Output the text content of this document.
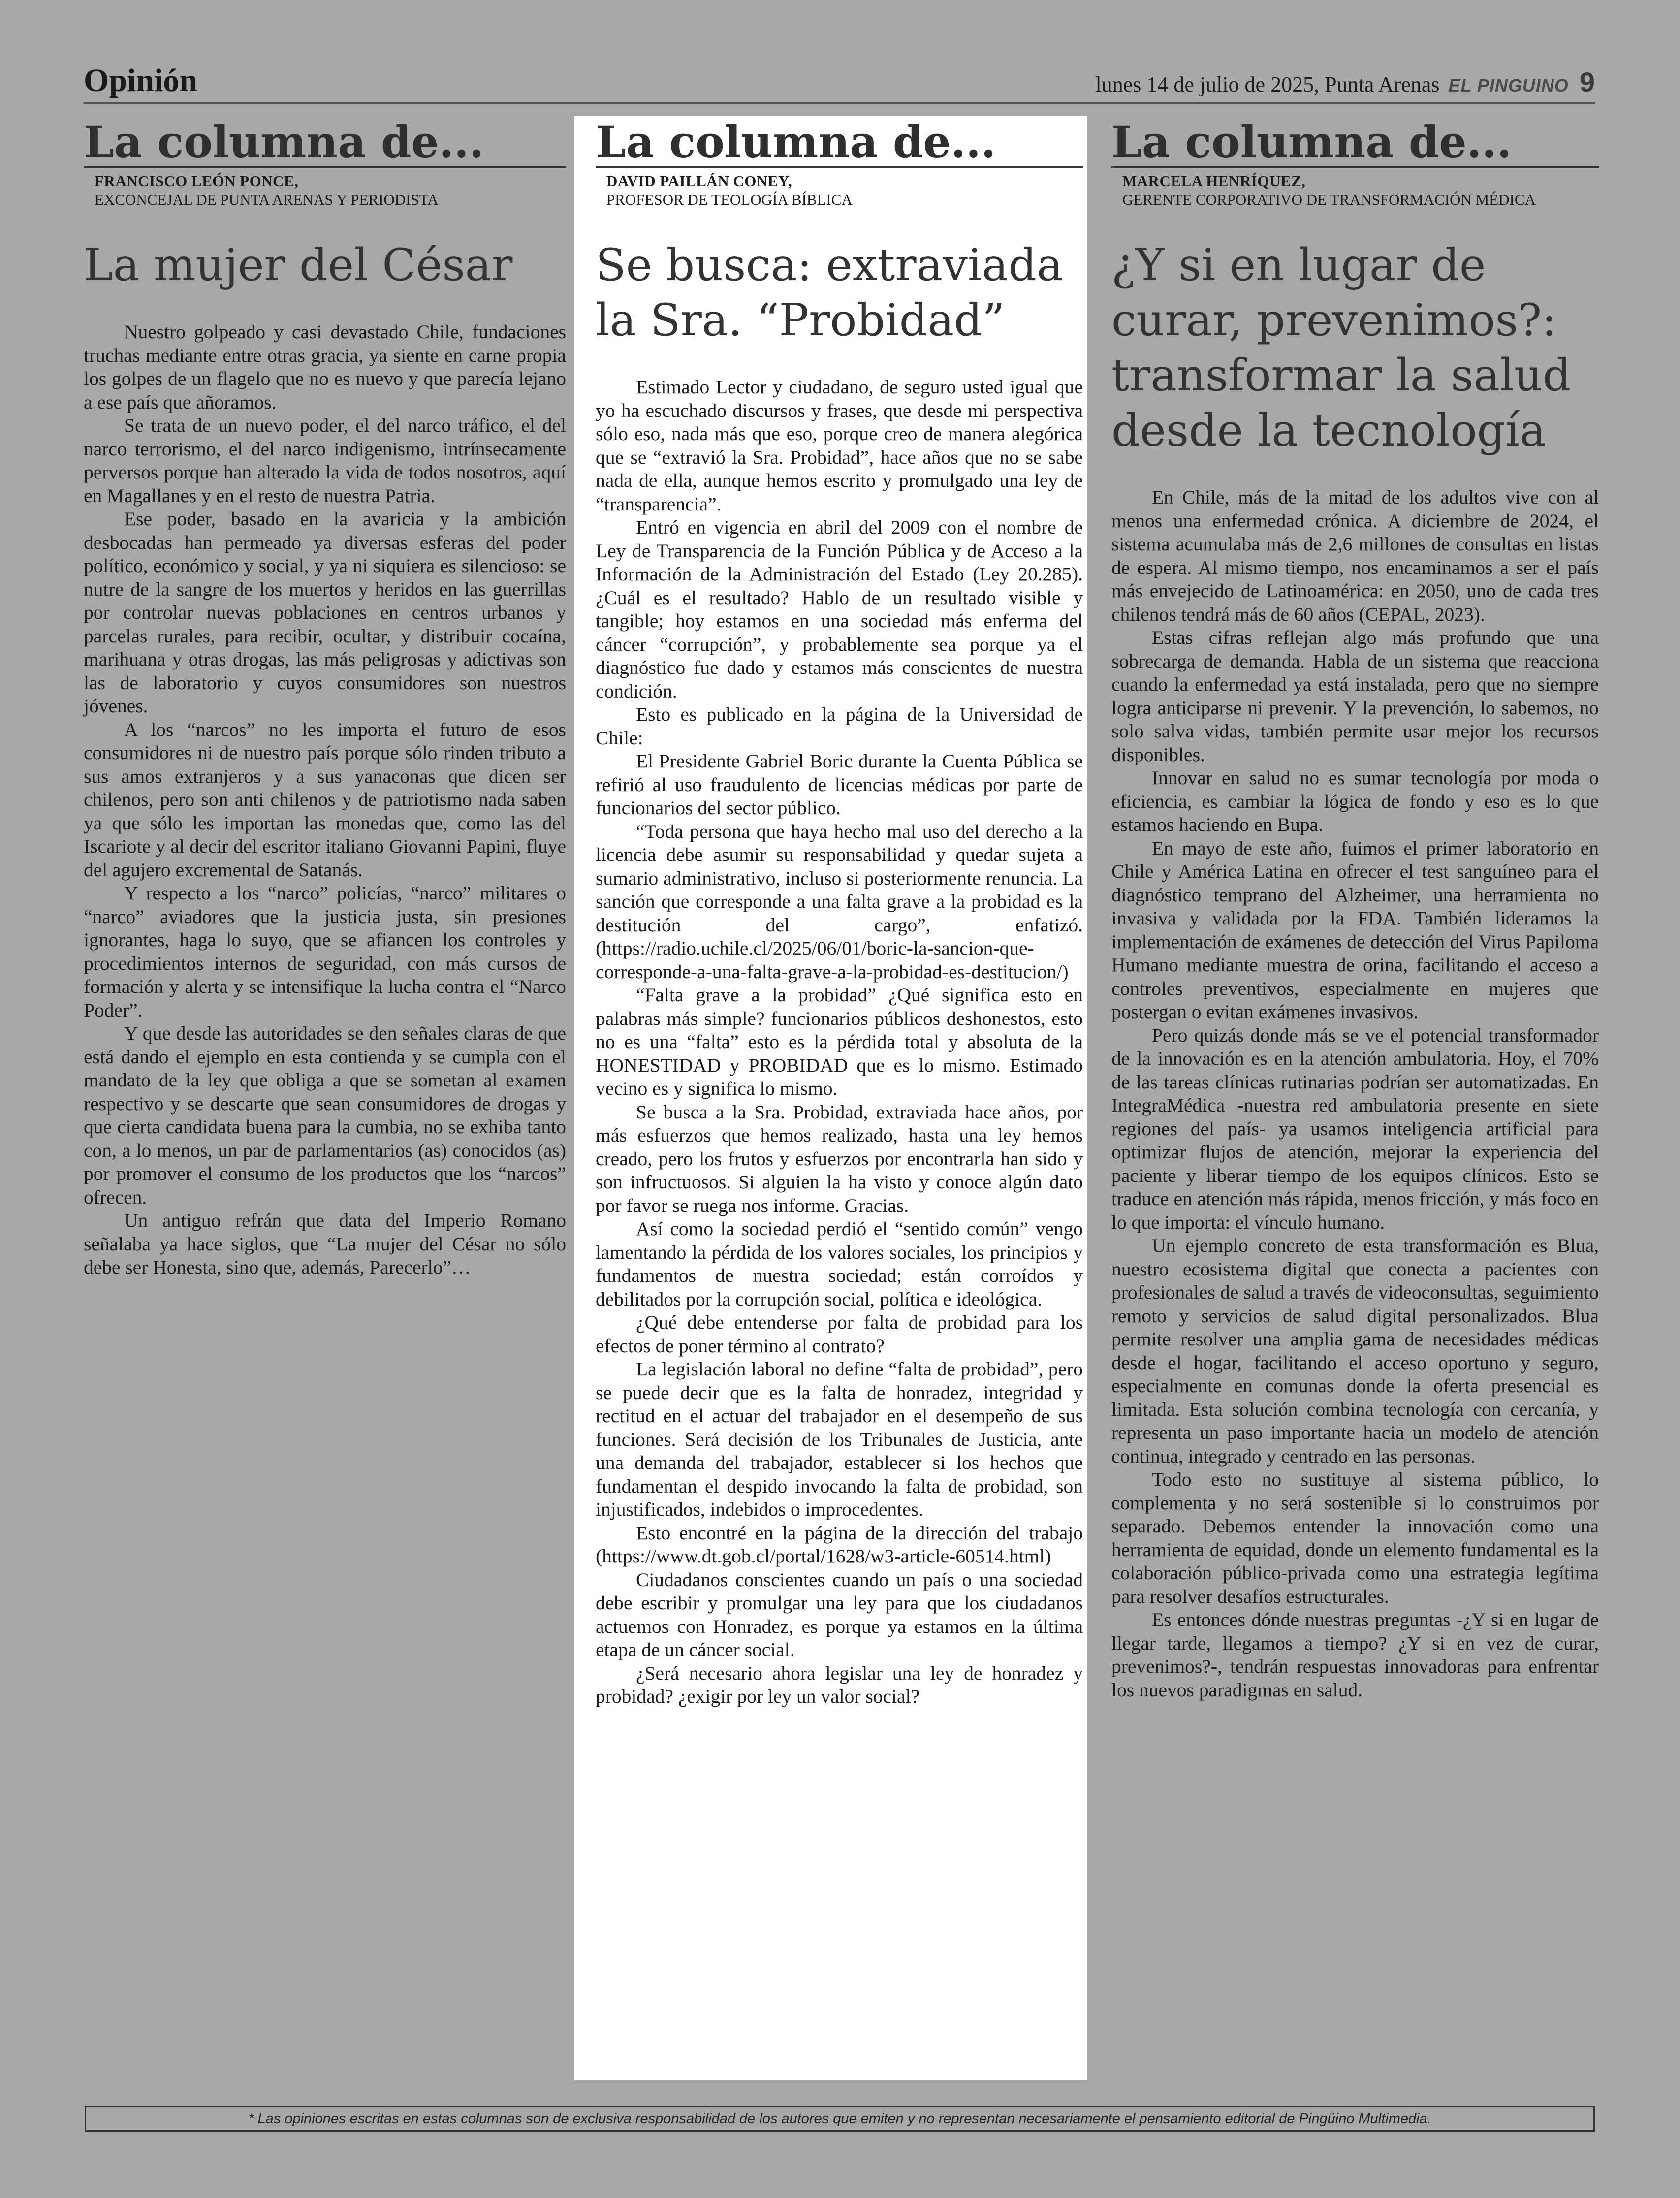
Opinión	lunes 14 de julio de 2025, Punta Arenas EL PINGUINO 9
La columna de...
FRANCISCO LEÓN PONCE,
EXCONCEJAL DE PUNTA ARENAS Y PERIODISTA
La mujer del César

Nuestro golpeado y casi devastado Chile, fundaciones truchas mediante entre otras gracia, ya siente en carne propia los golpes de un flagelo que no es nuevo y que parecía lejano a ese país que añoramos.

Se trata de un nuevo poder, el del narco tráfico, el del narco terrorismo, el del narco indigenismo, intrínsecamente perversos porque han alterado la vida de todos nosotros, aquí en Magallanes y en el resto de nuestra Patria.

Ese poder, basado en la avaricia y la ambición desbocadas han permeado ya diversas esferas del poder político, económico y social, y ya ni siquiera es silencioso: se nutre de la sangre de los muertos y heridos en las guerrillas por controlar nuevas poblaciones en centros urbanos y parcelas rurales, para recibir, ocultar, y distribuir cocaína, marihuana y otras drogas, las más peligrosas y adictivas son las de laboratorio y cuyos consumidores son nuestros jóvenes.

A los “narcos” no les importa el futuro de esos consumidores ni de nuestro país porque sólo rinden tributo a sus amos extranjeros y a sus yanaconas que dicen ser chilenos, pero son anti chilenos y de patriotismo nada saben ya que sólo les importan las monedas que, como las del Iscariote y al decir del escritor italiano Giovanni Papini, fluye del agujero excremental de Satanás.

Y respecto a los “narco” policías, “narco” militares o “narco” aviadores que la justicia justa, sin presiones ignorantes, haga lo suyo, que se afiancen los controles y procedimientos internos de seguridad, con más cursos de formación y alerta y se intensifique la lucha contra el “Narco Poder”.

Y que desde las autoridades se den señales claras de que está dando el ejemplo en esta contienda y se cumpla con el mandato de la ley que obliga a que se sometan al examen respectivo y se descarte que sean consumidores de drogas y que cierta candidata buena para la cumbia, no se exhiba tanto con, a lo menos, un par de parlamentarios (as) conocidos (as) por promover el consumo de los productos que los “narcos” ofrecen.

Un antiguo refrán que data del Imperio Romano señalaba ya hace siglos, que “La mujer del César no sólo debe ser Honesta, sino que, además, Parecerlo”…

La columna de...
DAVID PAILLÁN CONEY,
PROFESOR DE TEOLOGÍA BÍBLICA
Se busca: extraviada la Sra. “Probidad”

Estimado Lector y ciudadano, de seguro usted igual que yo ha escuchado discursos y frases, que desde mi perspectiva sólo eso, nada más que eso, porque creo de manera alegórica que se “extravió la Sra. Probidad”, hace años que no se sabe nada de ella, aunque hemos escrito y promulgado una ley de “transparencia”.

Entró en vigencia en abril del 2009 con el nombre de Ley de Transparencia de la Función Pública y de Acceso a la Información de la Administración del Estado (Ley 20.285). ¿Cuál es el resultado? Hablo de un resultado visible y tangible; hoy estamos en una sociedad más enferma del cáncer “corrupción”, y probablemente sea porque ya el diagnóstico fue dado y estamos más conscientes de nuestra condición.

Esto es publicado en la página de la Universidad de Chile:

El Presidente Gabriel Boric durante la Cuenta Pública se refirió al uso fraudulento de licencias médicas por parte de funcionarios del sector público.

“Toda persona que haya hecho mal uso del derecho a la licencia debe asumir su responsabilidad y quedar sujeta a sumario administrativo, incluso si posteriormente renuncia. La sanción que corresponde a una falta grave a la probidad es la destitución del cargo”, enfatizó. (https://radio.uchile.cl/2025/06/01/boric-la-sancion-que-corresponde-a-una-falta-grave-a-la-probidad-es-destitucion/)

“Falta grave a la probidad” ¿Qué significa esto en palabras más simple? funcionarios públicos deshonestos, esto no es una “falta” esto es la pérdida total y absoluta de la HONESTIDAD y PROBIDAD que es lo mismo. Estimado vecino es y significa lo mismo.

Se busca a la Sra. Probidad, extraviada hace años, por más esfuerzos que hemos realizado, hasta una ley hemos creado, pero los frutos y esfuerzos por encontrarla han sido y son infructuosos. Si alguien la ha visto y conoce algún dato por favor se ruega nos informe. Gracias.

Así como la sociedad perdió el “sentido común” vengo lamentando la pérdida de los valores sociales, los principios y fundamentos de nuestra sociedad; están corroídos y debilitados por la corrupción social, política e ideológica.

¿Qué debe entenderse por falta de probidad para los efectos de poner término al contrato?

La legislación laboral no define “falta de probidad”, pero se puede decir que es la falta de honradez, integridad y rectitud en el actuar del trabajador en el desempeño de sus funciones. Será decisión de los Tribunales de Justicia, ante una demanda del trabajador, establecer si los hechos que fundamentan el despido invocando la falta de probidad, son injustificados, indebidos o improcedentes.

Esto encontré en la página de la dirección del trabajo (https://www.dt.gob.cl/portal/1628/w3-article-60514.html)

Ciudadanos conscientes cuando un país o una sociedad debe escribir y promulgar una ley para que los ciudadanos actuemos con Honradez, es porque ya estamos en la última etapa de un cáncer social.

¿Será necesario ahora legislar una ley de honradez y probidad? ¿exigir por ley un valor social?

La columna de...
MARCELA HENRÍQUEZ,
GERENTE CORPORATIVO DE TRANSFORMACIÓN MÉDICA
¿Y si en lugar de curar, prevenimos?: transformar la salud desde la tecnología

En Chile, más de la mitad de los adultos vive con al menos una enfermedad crónica. A diciembre de 2024, el sistema acumulaba más de 2,6 millones de consultas en listas de espera. Al mismo tiempo, nos encaminamos a ser el país más envejecido de Latinoamérica: en 2050, uno de cada tres chilenos tendrá más de 60 años (CEPAL, 2023).

Estas cifras reflejan algo más profundo que una sobrecarga de demanda. Habla de un sistema que reacciona cuando la enfermedad ya está instalada, pero que no siempre logra anticiparse ni prevenir. Y la prevención, lo sabemos, no solo salva vidas, también permite usar mejor los recursos disponibles.

Innovar en salud no es sumar tecnología por moda o eficiencia, es cambiar la lógica de fondo y eso es lo que estamos haciendo en Bupa.

En mayo de este año, fuimos el primer laboratorio en Chile y América Latina en ofrecer el test sanguíneo para el diagnóstico temprano del Alzheimer, una herramienta no invasiva y validada por la FDA. También lideramos la implementación de exámenes de detección del Virus Papiloma Humano mediante muestra de orina, facilitando el acceso a controles preventivos, especialmente en mujeres que postergan o evitan exámenes invasivos.

Pero quizás donde más se ve el potencial transformador de la innovación es en la atención ambulatoria. Hoy, el 70% de las tareas clínicas rutinarias podrían ser automatizadas. En IntegraMédica -nuestra red ambulatoria presente en siete regiones del país- ya usamos inteligencia artificial para optimizar flujos de atención, mejorar la experiencia del paciente y liberar tiempo de los equipos clínicos. Esto se traduce en atención más rápida, menos fricción, y más foco en lo que importa: el vínculo humano.

Un ejemplo concreto de esta transformación es Blua, nuestro ecosistema digital que conecta a pacientes con profesionales de salud a través de videoconsultas, seguimiento remoto y servicios de salud digital personalizados. Blua permite resolver una amplia gama de necesidades médicas desde el hogar, facilitando el acceso oportuno y seguro, especialmente en comunas donde la oferta presencial es limitada. Esta solución combina tecnología con cercanía, y representa un paso importante hacia un modelo de atención continua, integrado y centrado en las personas.

Todo esto no sustituye al sistema público, lo complementa y no será sostenible si lo construimos por separado. Debemos entender la innovación como una herramienta de equidad, donde un elemento fundamental es la colaboración público-privada como una estrategia legítima para resolver desafíos estructurales.

Es entonces dónde nuestras preguntas -¿Y si en lugar de llegar tarde, llegamos a tiempo? ¿Y si en vez de curar, prevenimos?-, tendrán respuestas innovadoras para enfrentar los nuevos paradigmas en salud.

* Las opiniones escritas en estas columnas son de exclusiva responsabilidad de los autores que emiten y no representan necesariamente el pensamiento editorial de Pingüino Multimedia.
